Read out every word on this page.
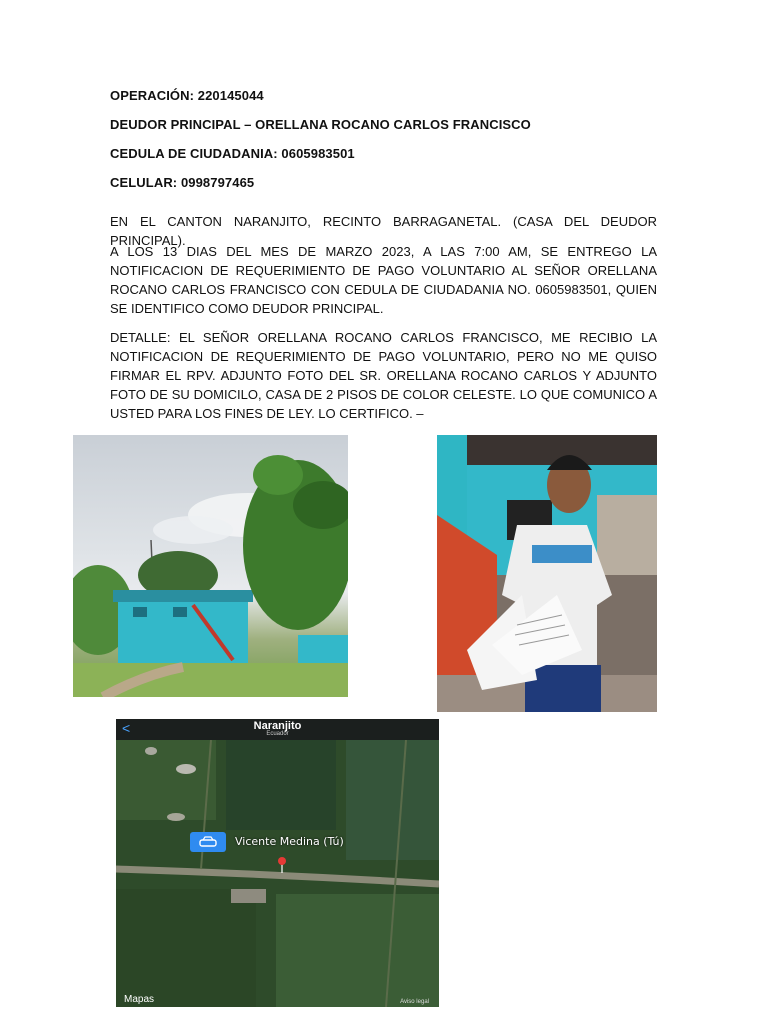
OPERACIÓN: 220145044
DEUDOR PRINCIPAL – ORELLANA ROCANO CARLOS FRANCISCO
CEDULA DE CIUDADANIA: 0605983501
CELULAR: 0998797465
EN EL CANTON NARANJITO, RECINTO BARRAGANETAL. (CASA DEL DEUDOR PRINCIPAL).
A LOS 13 DIAS DEL MES DE MARZO 2023, A LAS 7:00 AM, SE ENTREGO LA NOTIFICACION DE REQUERIMIENTO DE PAGO VOLUNTARIO AL SEÑOR ORELLANA ROCANO CARLOS FRANCISCO CON CEDULA DE CIUDADANIA NO. 0605983501, QUIEN SE IDENTIFICO COMO DEUDOR PRINCIPAL.
DETALLE: EL SEÑOR ORELLANA ROCANO CARLOS FRANCISCO, ME RECIBIO LA NOTIFICACION DE REQUERIMIENTO DE PAGO VOLUNTARIO, PERO NO ME QUISO FIRMAR EL RPV. ADJUNTO FOTO DEL SR. ORELLANA ROCANO CARLOS Y ADJUNTO FOTO DE SU DOMICILO, CASA DE 2 PISOS DE COLOR CELESTE. LO QUE COMUNICO A USTED PARA LOS FINES DE LEY. LO CERTIFICO. –
<	Naranjito
Ecuador
Vicente Medina (Tú)
Mapas	Aviso legal
